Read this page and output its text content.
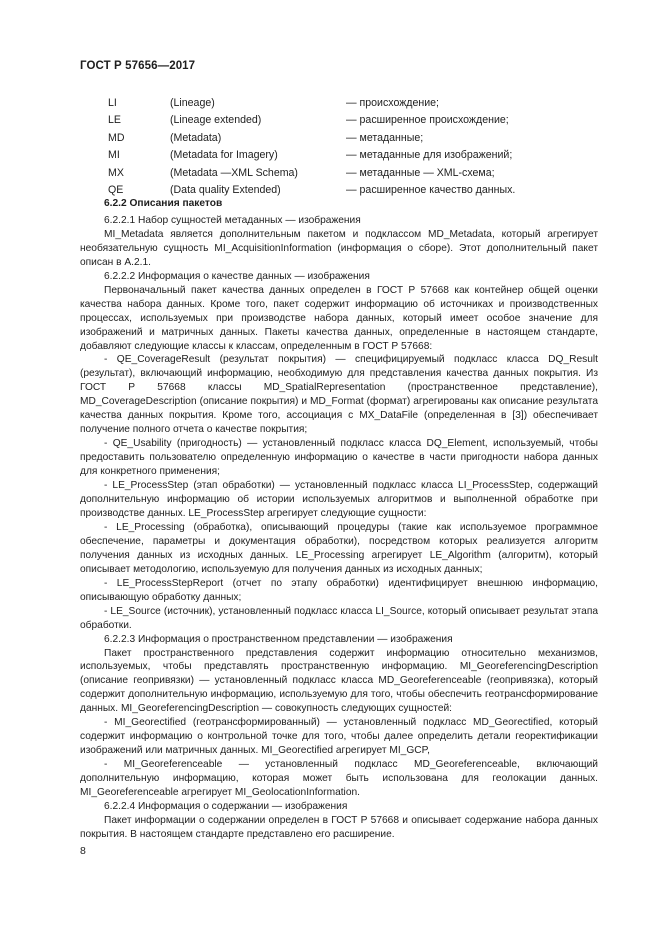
ГОСТ Р 57656—2017
LI	(Lineage)	— происхождение;
LE	(Lineage extended)	— расширенное происхождение;
MD	(Metadata)	— метаданные;
MI	(Metadata for Imagery)	— метаданные для изображений;
MX	(Metadata —XML Schema)	— метаданные — XML-схема;
QE	(Data quality Extended)	— расширенное качество данных.

6.2.2 Описания пакетов

6.2.2.1 Набор сущностей метаданных — изображения

MI_Metadata является дополнительным пакетом и подклассом MD_Metadata, который агрегирует необязательную сущность MI_AcquisitionInformation (информация о сборе). Этот дополнительный пакет описан в А.2.1.

6.2.2.2 Информация о качестве данных — изображения

Первоначальный пакет качества данных определен в ГОСТ Р 57668 как контейнер общей оценки качества набора данных. Кроме того, пакет содержит информацию об источниках и производственных процессах, используемых при производстве набора данных, который имеет особое значение для изображений и матричных данных. Пакеты качества данных, определенные в настоящем стандарте, добавляют следующие классы к классам, определенным в ГОСТ Р 57668:

- QE_CoverageResult (результат покрытия) — специфицируемый подкласс класса DQ_Result (результат), включающий информацию, необходимую для представления качества данных покрытия. Из ГОСТ Р 57668 классы MD_SpatialRepresentation (пространственное представление), MD_CoverageDescription (описание покрытия) и MD_Format (формат) агрегированы как описание результата качества данных покрытия. Кроме того, ассоциация с MX_DataFile (определенная в [3]) обеспечивает получение полного отчета о качестве покрытия;

- QE_Usability (пригодность) — установленный подкласс класса DQ_Element, используемый, чтобы предоставить пользователю определенную информацию о качестве в части пригодности набора данных для конкретного применения;

- LE_ProcessStep (этап обработки) — установленный подкласс класса LI_ProcessStep, содержащий дополнительную информацию об истории используемых алгоритмов и выполненной обработке при производстве данных. LE_ProcessStep агрегирует следующие сущности:

- LE_Processing (обработка), описывающий процедуры (такие как используемое программное обеспечение, параметры и документация обработки), посредством которых реализуется алгоритм получения данных из исходных данных. LE_Processing агрегирует LE_Algorithm (алгоритм), который описывает методологию, используемую для получения данных из исходных данных;

- LE_ProcessStepReport (отчет по этапу обработки) идентифицирует внешнюю информацию, описывающую обработку данных;

- LE_Source (источник), установленный подкласс класса LI_Source, который описывает результат этапа обработки.

6.2.2.3 Информация о пространственном представлении — изображения

Пакет пространственного представления содержит информацию относительно механизмов, используемых, чтобы представлять пространственную информацию. MI_GeoreferencingDescription (описание геопривязки) — установленный подкласс класса MD_Georeferenceable (геопривязка), который содержит дополнительную информацию, используемую для того, чтобы обеспечить геотрансформирование данных. MI_GeoreferencingDescription — совокупность следующих сущностей:

- MI_Georectified (геотрансформированный) — установленный подкласс MD_Georectified, который содержит информацию о контрольной точке для того, чтобы далее определить детали георектификации изображений или матричных данных. MI_Georectified агрегирует MI_GCP,

- MI_Georeferenceable — установленный подкласс MD_Georeferenceable, включающий дополнительную информацию, которая может быть использована для геолокации данных. MI_Georeferenceable агрегирует MI_GeolocationInformation.

6.2.2.4 Информация о содержании — изображения

Пакет информации о содержании определен в ГОСТ Р 57668 и описывает содержание набора данных покрытия. В настоящем стандарте представлено его расширение.

8
